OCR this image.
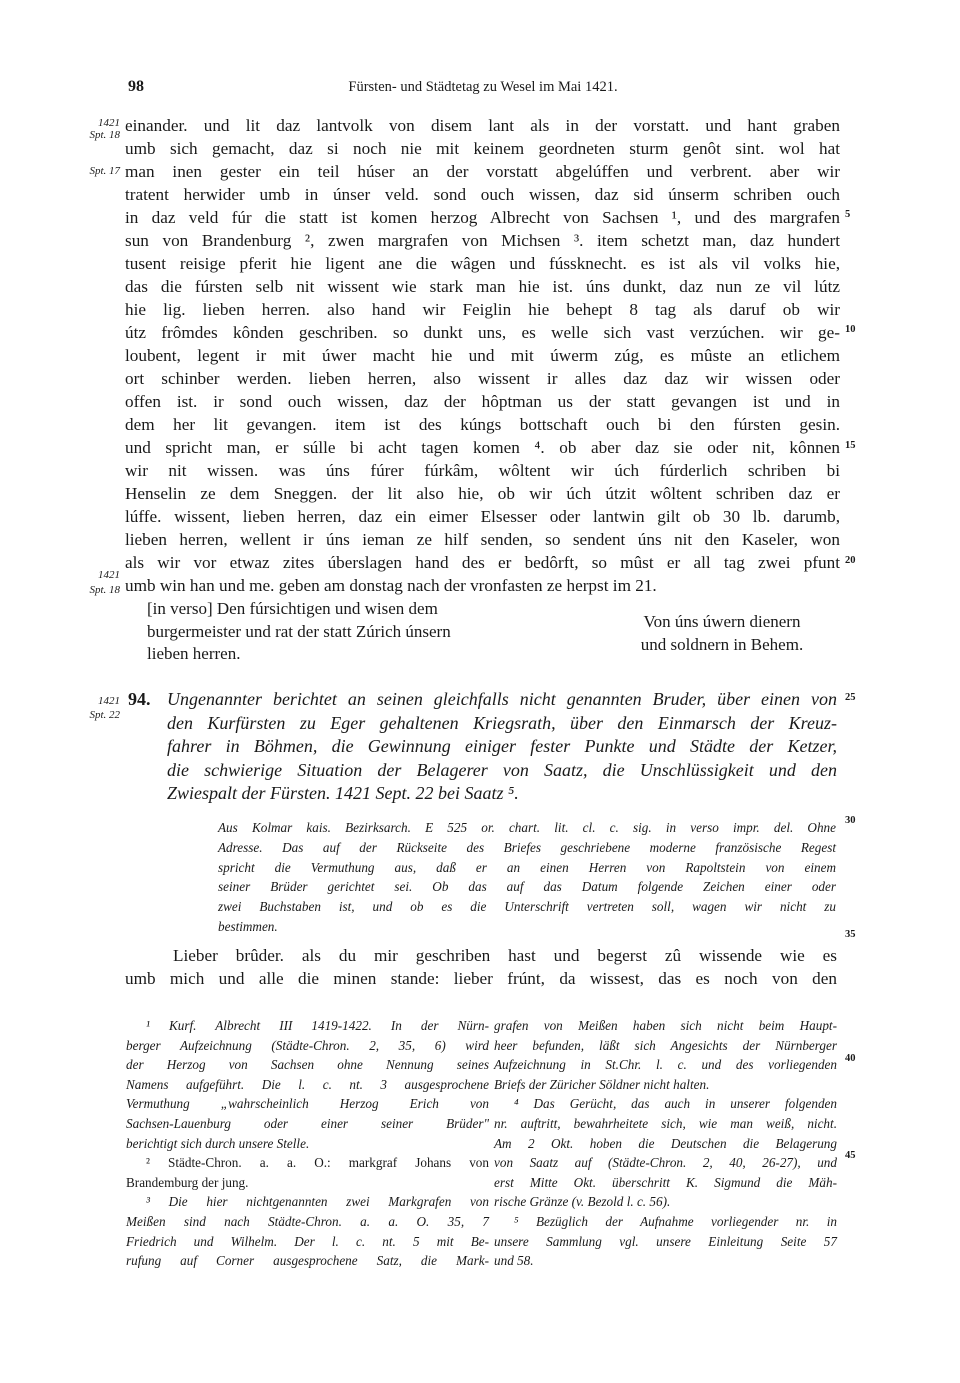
98	Fürsten- und Städtetag zu Wesel im Mai 1421.
1421
Spt. 18
Spt. 17
1421
Spt. 18
1421
Spt. 22
5
10
15
20
25
30
35
40
45
einander. und lit daz lantvolk von disem lant als in der vorstatt. und hant graben
umb sich gemacht, daz si noch nie mit keinem geordneten sturm genôt sint. wol hat
man inen gester ein teil húser an der vorstatt abgelúffen und verbrent. aber wir
tratent herwider umb in únser veld. sond ouch wissen, daz sid únserm schriben ouch
in daz veld fúr die statt ist komen herzog Albrecht von Sachsen ¹, und des margrafen
sun von Brandenburg ², zwen margrafen von Michsen ³. item schetzt man, daz hundert
tusent reisige pferit hie ligent ane die wâgen und fússknecht. es ist als vil volks hie,
das die fúrsten selb nit wissent wie stark man hie ist. úns dunkt, daz nun ze vil lútz
hie lig. lieben herren. also hand wir Feiglin hie behept 8 tag als daruf ob wir
útz frômdes kônden geschriben. so dunkt uns, es welle sich vast verzúchen. wir ge-
loubent, legent ir mit úwer macht hie und mit úwerm zúg, es mûste an etlichem
ort schinber werden. lieben herren, also wissent ir alles daz daz wir wissen oder
offen ist. ir sond ouch wissen, daz der hôptman us der statt gevangen ist und in
dem her lit gevangen. item ist des kúngs bottschaft ouch bi den fúrsten gesin.
und spricht man, er súlle bi acht tagen komen ⁴. ob aber daz sie oder nit, kônnen
wir nit wissen. was úns fúrer fúrkâm, wôltent wir úch fúrderlich schriben bi
Henselin ze dem Sneggen. der lit also hie, ob wir úch útzit wôltent schriben daz er
lúffe. wissent, lieben herren, daz ein eimer Elsesser oder lantwin gilt ob 30 lb. darumb,
lieben herren, wellent ir úns ieman ze hilf senden, so sendent úns nit den Kaseler, won
als wir vor etwaz zites úberslagen hand des er bedôrft, so mûst er all tag zwei pfunt
umb win han und me. geben am donstag nach der vronfasten ze herpst im 21.
[in verso] Den fúrsichtigen und wisen dem
burgermeister und rat der statt Zúrich únsern
lieben herren.
Von úns úwern dienern
und soldnern in Behem.
94. Ungenannter berichtet an seinen gleichfalls nicht genannten Bruder, über einen von
den Kurfürsten zu Eger gehaltenen Kriegsrath, über den Einmarsch der Kreuz-
fahrer in Böhmen, die Gewinnung einiger fester Punkte und Städte der Ketzer,
die schwierige Situation der Belagerer von Saatz, die Unschlüssigkeit und den
Zwiespalt der Fürsten. 1421 Sept. 22 bei Saatz ⁵.
Aus Kolmar kais. Bezirksarch. E 525 or. chart. lit. cl. c. sig. in verso impr. del. Ohne
Adresse. Das auf der Rückseite des Briefes geschriebene moderne französische Regest
spricht die Vermuthung aus, daß er an einen Herren von Rapoltstein von einem
seiner Brüder gerichtet sei. Ob das auf das Datum folgende Zeichen einer oder
zwei Buchstaben ist, und ob es die Unterschrift vertreten soll, wagen wir nicht zu
bestimmen.
Lieber brûder. als du mir geschriben hast und begerst zû wissende wie es
umb mich und alle die minen stande: lieber frúnt, da wissest, das es noch von den
¹ Kurf. Albrecht III 1419-1422. In der Nürn-
berger Aufzeichnung (Städte-Chron. 2, 35, 6) wird
der Herzog von Sachsen ohne Nennung seines
Namens aufgeführt. Die l. c. nt. 3 ausgesprochene
Vermuthung „wahrscheinlich Herzog Erich von
Sachsen-Lauenburg oder einer seiner Brüder"
berichtigt sich durch unsere Stelle.
² Städte-Chron. a. a. O.: markgraf Johans von
Brandemburg der jung.
³ Die hier nichtgenannten zwei Markgrafen von
Meißen sind nach Städte-Chron. a. a. O. 35, 7
Friedrich und Wilhelm. Der l. c. nt. 5 mit Be-
rufung auf Corner ausgesprochene Satz, die Mark-
grafen von Meißen haben sich nicht beim Haupt-
heer befunden, läßt sich Angesichts der Nürnberger
Aufzeichnung in St.Chr. l. c. und des vorliegenden
Briefs der Züricher Söldner nicht halten.
⁴ Das Gerücht, das auch in unserer folgenden
nr. auftritt, bewahrheitete sich, wie man weiß, nicht.
Am 2 Okt. hoben die Deutschen die Belagerung
von Saatz auf (Städte-Chron. 2, 40, 26-27), und
erst Mitte Okt. überschritt K. Sigmund die Mäh-
rische Gränze (v. Bezold l. c. 56).
⁵ Bezüglich der Aufnahme vorliegender nr. in
unsere Sammlung vgl. unsere Einleitung Seite 57
und 58.
